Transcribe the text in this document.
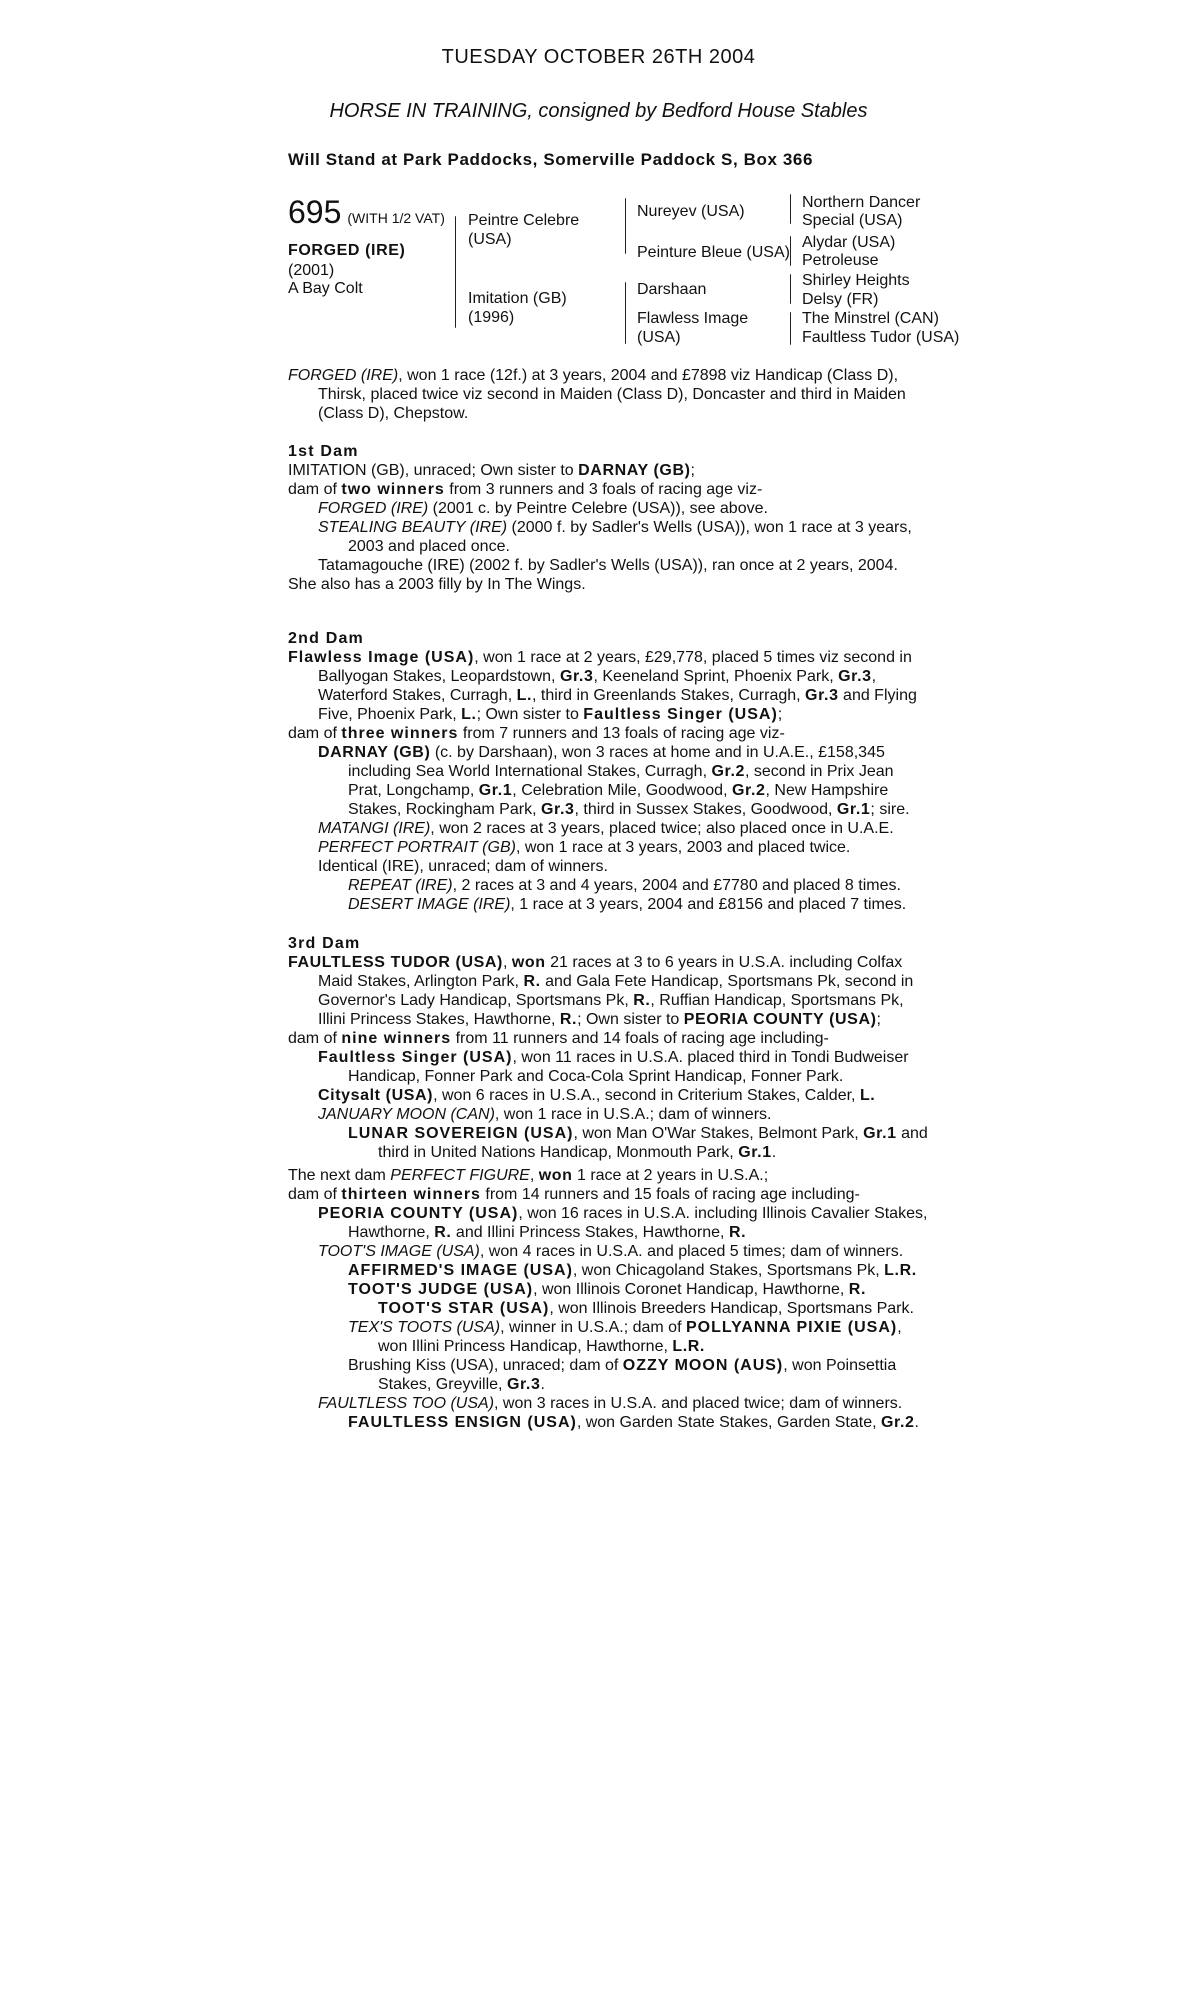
TUESDAY OCTOBER 26TH 2004
HORSE IN TRAINING, consigned by Bedford House Stables
Will Stand at Park Paddocks, Somerville Paddock S, Box 366
695 (WITH 1/2 VAT)
FORGED (IRE)
(2001)
A Bay Colt
Peintre Celebre
(USA)
Imitation (GB)
(1996)
Nureyev (USA)
Peinture Bleue (USA)
Darshaan
Flawless Image
(USA)
Northern Dancer
Special (USA)
Alydar (USA)
Petroleuse
Shirley Heights
Delsy (FR)
The Minstrel (CAN)
Faultless Tudor (USA)

FORGED (IRE), won 1 race (12f.) at 3 years, 2004 and £7898 viz Handicap (Class D), Thirsk, placed twice viz second in Maiden (Class D), Doncaster and third in Maiden (Class D), Chepstow.

1st Dam

IMITATION (GB), unraced; Own sister to DARNAY (GB);

dam of two winners from 3 runners and 3 foals of racing age viz-

FORGED (IRE) (2001 c. by Peintre Celebre (USA)), see above.

STEALING BEAUTY (IRE) (2000 f. by Sadler's Wells (USA)), won 1 race at 3 years, 2003 and placed once.

Tatamagouche (IRE) (2002 f. by Sadler's Wells (USA)), ran once at 2 years, 2004.

She also has a 2003 filly by In The Wings.

2nd Dam

Flawless Image (USA), won 1 race at 2 years, £29,778, placed 5 times viz second in Ballyogan Stakes, Leopardstown, Gr.3, Keeneland Sprint, Phoenix Park, Gr.3, Waterford Stakes, Curragh, L., third in Greenlands Stakes, Curragh, Gr.3 and Flying Five, Phoenix Park, L.; Own sister to Faultless Singer (USA);

dam of three winners from 7 runners and 13 foals of racing age viz-

DARNAY (GB) (c. by Darshaan), won 3 races at home and in U.A.E., £158,345 including Sea World International Stakes, Curragh, Gr.2, second in Prix Jean Prat, Longchamp, Gr.1, Celebration Mile, Goodwood, Gr.2, New Hampshire Stakes, Rockingham Park, Gr.3, third in Sussex Stakes, Goodwood, Gr.1; sire.

MATANGI (IRE), won 2 races at 3 years, placed twice; also placed once in U.A.E.

PERFECT PORTRAIT (GB), won 1 race at 3 years, 2003 and placed twice.

Identical (IRE), unraced; dam of winners.

REPEAT (IRE), 2 races at 3 and 4 years, 2004 and £7780 and placed 8 times.

DESERT IMAGE (IRE), 1 race at 3 years, 2004 and £8156 and placed 7 times.

3rd Dam

FAULTLESS TUDOR (USA), won 21 races at 3 to 6 years in U.S.A. including Colfax Maid Stakes, Arlington Park, R. and Gala Fete Handicap, Sportsmans Pk, second in Governor's Lady Handicap, Sportsmans Pk, R., Ruffian Handicap, Sportsmans Pk, Illini Princess Stakes, Hawthorne, R.; Own sister to PEORIA COUNTY (USA);

dam of nine winners from 11 runners and 14 foals of racing age including-

Faultless Singer (USA), won 11 races in U.S.A. placed third in Tondi Budweiser Handicap, Fonner Park and Coca-Cola Sprint Handicap, Fonner Park.

Citysalt (USA), won 6 races in U.S.A., second in Criterium Stakes, Calder, L.

JANUARY MOON (CAN), won 1 race in U.S.A.; dam of winners.

LUNAR SOVEREIGN (USA), won Man O'War Stakes, Belmont Park, Gr.1 and third in United Nations Handicap, Monmouth Park, Gr.1.

The next dam PERFECT FIGURE, won 1 race at 2 years in U.S.A.;

dam of thirteen winners from 14 runners and 15 foals of racing age including-

PEORIA COUNTY (USA), won 16 races in U.S.A. including Illinois Cavalier Stakes, Hawthorne, R. and Illini Princess Stakes, Hawthorne, R.

TOOT'S IMAGE (USA), won 4 races in U.S.A. and placed 5 times; dam of winners.

AFFIRMED'S IMAGE (USA), won Chicagoland Stakes, Sportsmans Pk, L.R.

TOOT'S JUDGE (USA), won Illinois Coronet Handicap, Hawthorne, R.

TOOT'S STAR (USA), won Illinois Breeders Handicap, Sportsmans Park.

TEX'S TOOTS (USA), winner in U.S.A.; dam of POLLYANNA PIXIE (USA), won Illini Princess Handicap, Hawthorne, L.R.

Brushing Kiss (USA), unraced; dam of OZZY MOON (AUS), won Poinsettia Stakes, Greyville, Gr.3.

FAULTLESS TOO (USA), won 3 races in U.S.A. and placed twice; dam of winners.

FAULTLESS ENSIGN (USA), won Garden State Stakes, Garden State, Gr.2.
